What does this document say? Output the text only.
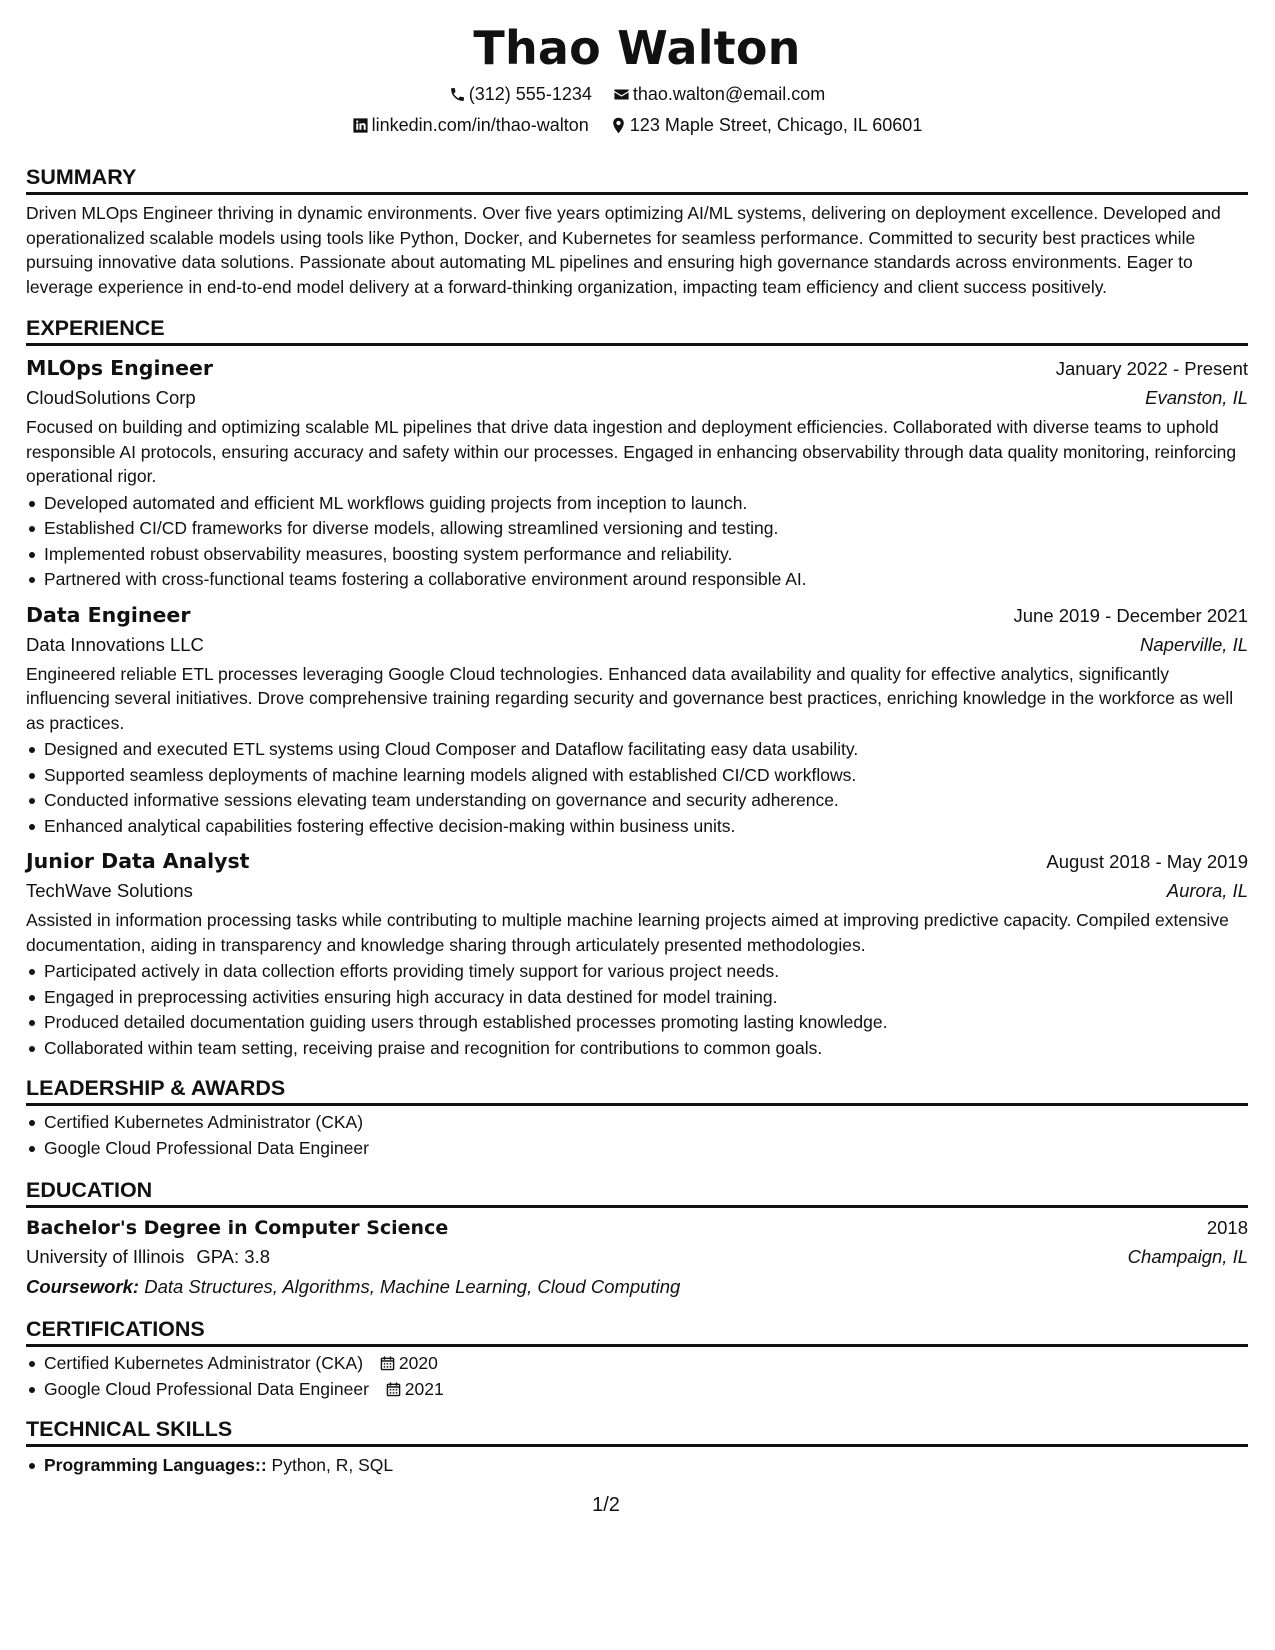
Thao Walton
(312) 555-1234 thao.walton@email.com
linkedin.com/in/thao-walton 123 Maple Street, Chicago, IL 60601
SUMMARY
Driven MLOps Engineer thriving in dynamic environments. Over five years optimizing AI/ML systems, delivering on deployment excellence. Developed and operationalized scalable models using tools like Python, Docker, and Kubernetes for seamless performance. Committed to security best practices while pursuing innovative data solutions. Passionate about automating ML pipelines and ensuring high governance standards across environments. Eager to leverage experience in end-to-end model delivery at a forward-thinking organization, impacting team efficiency and client success positively.
EXPERIENCE
MLOps Engineer	January 2022 - Present
CloudSolutions Corp	Evanston, IL
Focused on building and optimizing scalable ML pipelines that drive data ingestion and deployment efficiencies. Collaborated with diverse teams to uphold responsible AI protocols, ensuring accuracy and safety within our processes. Engaged in enhancing observability through data quality monitoring, reinforcing operational rigor.
Developed automated and efficient ML workflows guiding projects from inception to launch.
Established CI/CD frameworks for diverse models, allowing streamlined versioning and testing.
Implemented robust observability measures, boosting system performance and reliability.
Partnered with cross-functional teams fostering a collaborative environment around responsible AI.
Data Engineer	June 2019 - December 2021
Data Innovations LLC	Naperville, IL
Engineered reliable ETL processes leveraging Google Cloud technologies. Enhanced data availability and quality for effective analytics, significantly influencing several initiatives. Drove comprehensive training regarding security and governance best practices, enriching knowledge in the workforce as well as practices.
Designed and executed ETL systems using Cloud Composer and Dataflow facilitating easy data usability.
Supported seamless deployments of machine learning models aligned with established CI/CD workflows.
Conducted informative sessions elevating team understanding on governance and security adherence.
Enhanced analytical capabilities fostering effective decision-making within business units.
Junior Data Analyst	August 2018 - May 2019
TechWave Solutions	Aurora, IL
Assisted in information processing tasks while contributing to multiple machine learning projects aimed at improving predictive capacity. Compiled extensive documentation, aiding in transparency and knowledge sharing through articulately presented methodologies.
Participated actively in data collection efforts providing timely support for various project needs.
Engaged in preprocessing activities ensuring high accuracy in data destined for model training.
Produced detailed documentation guiding users through established processes promoting lasting knowledge.
Collaborated within team setting, receiving praise and recognition for contributions to common goals.
LEADERSHIP & AWARDS
Certified Kubernetes Administrator (CKA)
Google Cloud Professional Data Engineer
EDUCATION
Bachelor's Degree in Computer Science	2018
University of Illinois GPA: 3.8	Champaign, IL
Coursework: Data Structures, Algorithms, Machine Learning, Cloud Computing
CERTIFICATIONS
Certified Kubernetes Administrator (CKA) 2020
Google Cloud Professional Data Engineer 2021
TECHNICAL SKILLS
Programming Languages:: Python, R, SQL
1/2
